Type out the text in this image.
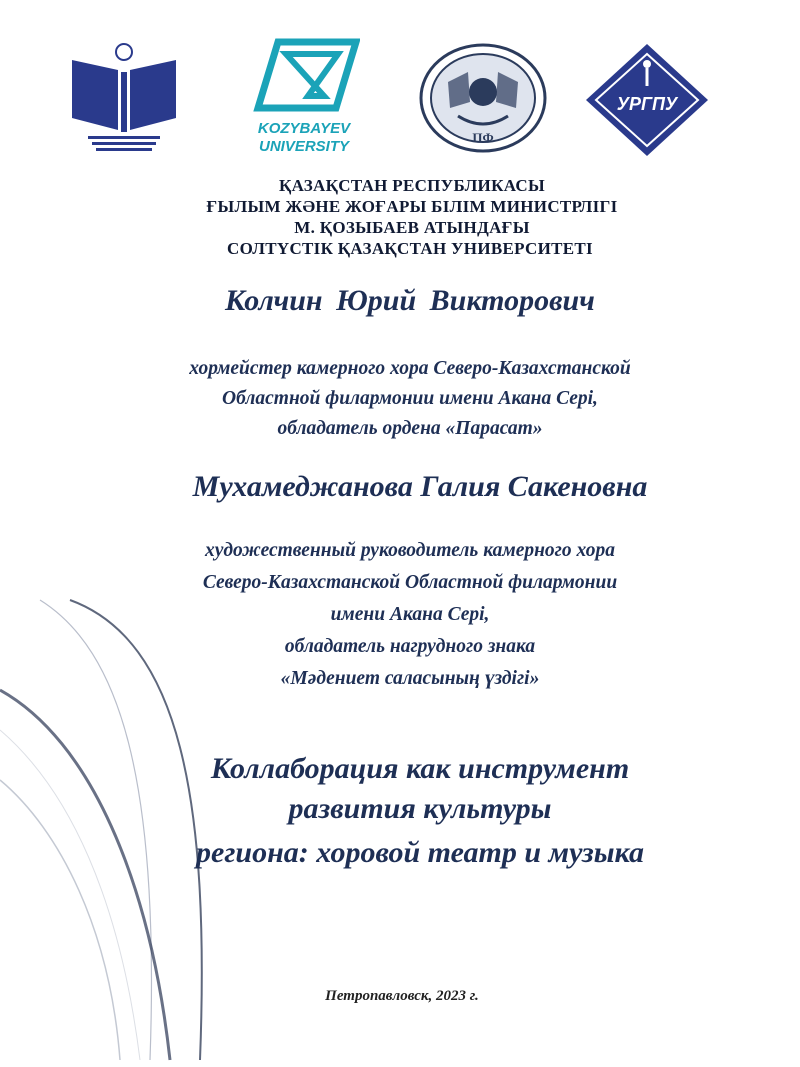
KOZYBAYEV
UNIVERSITY
ПФ
УРГПУ
ҚАЗАҚСТАН РЕСПУБЛИКАСЫ
ҒЫЛЫМ ЖӘНЕ ЖОҒАРЫ БІЛІМ МИНИСТРЛІГІ
М. ҚОЗЫБАЕВ АТЫНДАҒЫ
СОЛТҮСТІК ҚАЗАҚСТАН УНИВЕРСИТЕТІ
Колчин Юрий Викторович
хормейстер камерного хора Северо-Казахстанской
Областной филармонии имени Акана Серi,
обладатель ордена «Парасат»
Мухамеджанова Галия Сакеновна
художественный руководитель камерного хора
Северо-Казахстанской Областной филармонии
имени Акана Серi,
обладатель нагрудного знака
«Мәдениет саласының үздігі»
Коллаборация как инструмент
развития культуры
региона: хоровой театр и музыка
Петропавловск, 2023 г.
